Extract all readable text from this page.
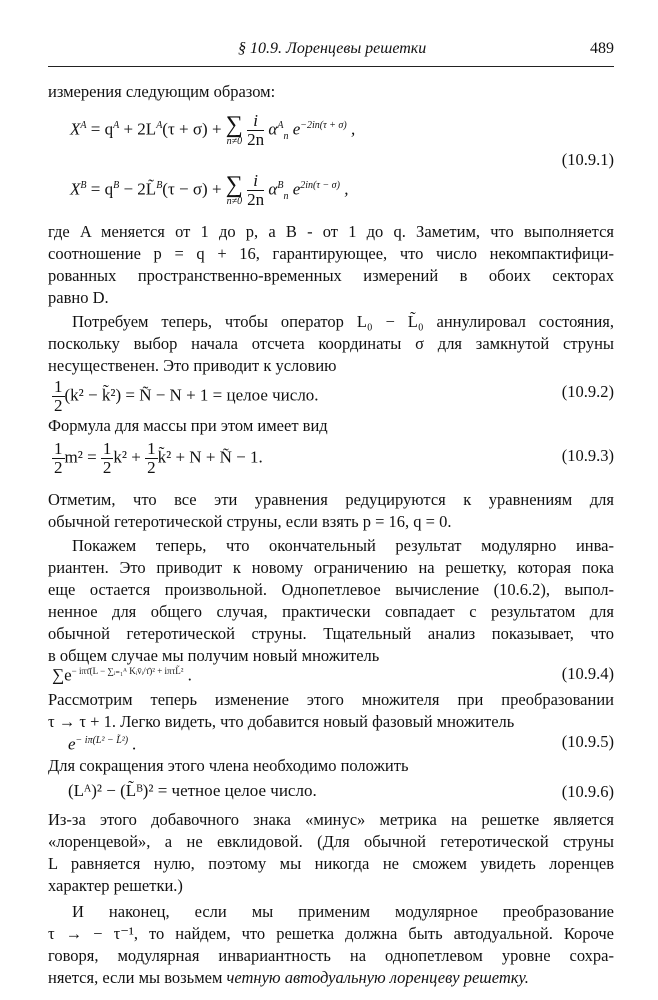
§ 10.9. Лоренцевы решетки	489
измерения следующим образом:
$X^A = q^A + 2L^A(\tau + \sigma)$ + ∑
n≠0
$\frac{i}{2n} \alpha^A_n$ $e^{-2in(\tau + \sigma)}$ ,
(10.9.1)
$X^B = q^B$ − 2L̃$^B$(τ − σ) + ∑
n≠0
$\frac{i}{2n} \alpha^B_n$ $e^{2in(\tau - \sigma)}$ ,
где A меняется от 1 до p, а B - от 1 до q. Заметим, что выполняется
соотношение p = q + 16, гарантирующее, что число некомпактифици-
рованных пространственно-временных измерений в обоих секторах
равно D.
Потребуем теперь, чтобы оператор L₀ − L̃₀ аннулировал состояния,
поскольку выбор начала отсчета координаты σ для замкнутой струны
несущественен. Это приводит к условию
$\frac{1}{2} (k^2$ − k̃²) = Ñ − N + 1 = целое число.	(10.9.2)
Формула для массы при этом имеет вид
$\frac{1}{2} m^2 = \frac{1}{2} k^2 + \frac{1}{2}$ k̃² + N + Ñ − 1.	(10.9.3)
Отметим, что все эти уравнения редуцируются к уравнениям для
обычной гетеротической струны, если взять p = 16, q = 0.
Покажем теперь, что окончательный результат модулярно инва-
риантен. Это приводит к новому ограничению на решетку, которая пока
еще остается произвольной. Однопетлевое вычисление (10.6.2), выпол-
ненное для общего случая, практически совпадает с результатом для
обычной гетеротической струны. Тщательный анализ показывает, что
в общем случае мы получим новый множитель
$\sum e^{- i\pi\taū(L - \sum ᵢ_{=1}ᴬ Kᵢv̄ᵢ/\taū)^2 + i\pi\tau L̃^2}$ .	(10.9.4)
Рассмотрим теперь изменение этого множителя при преобразовании
τ → τ + 1. Легко видеть, что добавится новый фазовый множитель
$e^{- i\pi(L^2 - L̃^2)}$ .	(10.9.5)
Для сокращения этого члена необходимо положить
(Lᴬ)² − (L̃ᴮ)² = четное целое число.	(10.9.6)
Из-за этого добавочного знака «минус» метрика на решетке является
«лоренцевой», а не евклидовой. (Для обычной гетеротической струны
L равняется нулю, поэтому мы никогда не сможем увидеть лоренцев
характер решетки.)
И наконец, если мы применим модулярное преобразование
τ → − τ⁻¹, то найдем, что решетка должна быть автодуальной. Короче
говоря, модулярная инвариантность на однопетлевом уровне сохра-
няется, если мы возьмем четную автодуальную лоренцеву решетку.
